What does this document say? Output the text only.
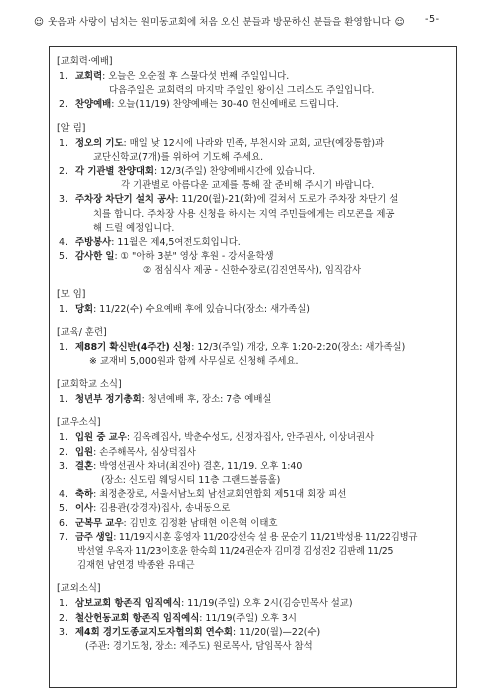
☺ 웃음과 사랑이 넘치는 원미동교회에 처음 오신 분들과 방문하신 분들을 환영합니다 ☺ -5-
[교회력·예배]
1. 교회력: 오늘은 오순절 후 스물다섯 번째 주일입니다.
다음주일은 교회력의 마지막 주일인 왕이신 그리스도 주일입니다.
2. 찬양예배: 오늘(11/19) 찬양예배는 30-40 헌신예배로 드립니다.
[알 림]
1. 정오의 기도: 매일 낮 12시에 나라와 민족, 부천시와 교회, 교단(예장통합)과
교단신학교(7개)를 위하여 기도해 주세요.
2. 각 기관별 찬양대회: 12/3(주일) 찬양예배시간에 있습니다.
각 기관별로 아름다운 교제를 통해 잘 준비해 주시기 바랍니다.
3. 주차장 차단기 설치 공사: 11/20(월)-21(화)에 걸쳐서 도로가 주차장 차단기 설
치를 합니다. 주차장 사용 신청을 하시는 지역 주민들에게는 리모콘을 제공
해 드릴 예정입니다.
4. 주방봉사: 11월은 제4,5여전도회입니다.
5. 감사한 일: ① "아하 3분" 영상 후원 - 강서윤학생
② 점심식사 제공 - 신한수장로(김진연목사), 임직감사
[모 임]
1. 당회: 11/22(수) 수요예배 후에 있습니다(장소: 새가족실)
[교육/ 훈련]
1. 제88기 확신반(4주간) 신청: 12/3(주일) 개강, 오후 1:20-2:20(장소: 새가족실)
※ 교재비 5,000원과 함께 사무실로 신청해 주세요.
[교회학교 소식]
1. 청년부 정기총회: 청년예배 후, 장소: 7층 예배실
[교우소식]
1. 입원 중 교우: 김옥례집사, 박춘수성도, 신정자집사, 안주권사, 이상녀권사
2. 입원: 손주해목사, 심상덕집사
3. 결혼: 박영선권사 차녀(최진아) 결혼, 11/19. 오후 1:40
(장소: 신도림 웨딩시티 11층 그랜드볼룸홀)
4. 축하: 최정춘장로, 서울서남노회 남선교회연합회 제51대 회장 피선
5. 이사: 김용관(강경자)집사, 송내동으로
6. 군복무 교우: 김민호 김정환 남태현 이은혁 이태호
7. 금주 생일: 11/19지시훈 홍영자 11/20강선숙 설 용 문순기 11/21박성용 11/22김병규
박선열 우옥자 11/23이호윤 한숙희 11/24권순자 김미경 김성진2 김판례 11/25
김재현 남연경 박종완 유대근
[교외소식]
1. 삼보교회 항존직 임직예식: 11/19(주일) 오후 2시(김승민목사 설교)
2. 철산헌동교회 항존직 임직예식: 11/19(주일) 오후 3시
3. 제4회 경기도종교지도자협의회 연수회: 11/20(월)—22(수)
(주관: 경기도청, 장소: 제주도) 원로목사, 담임목사 참석
